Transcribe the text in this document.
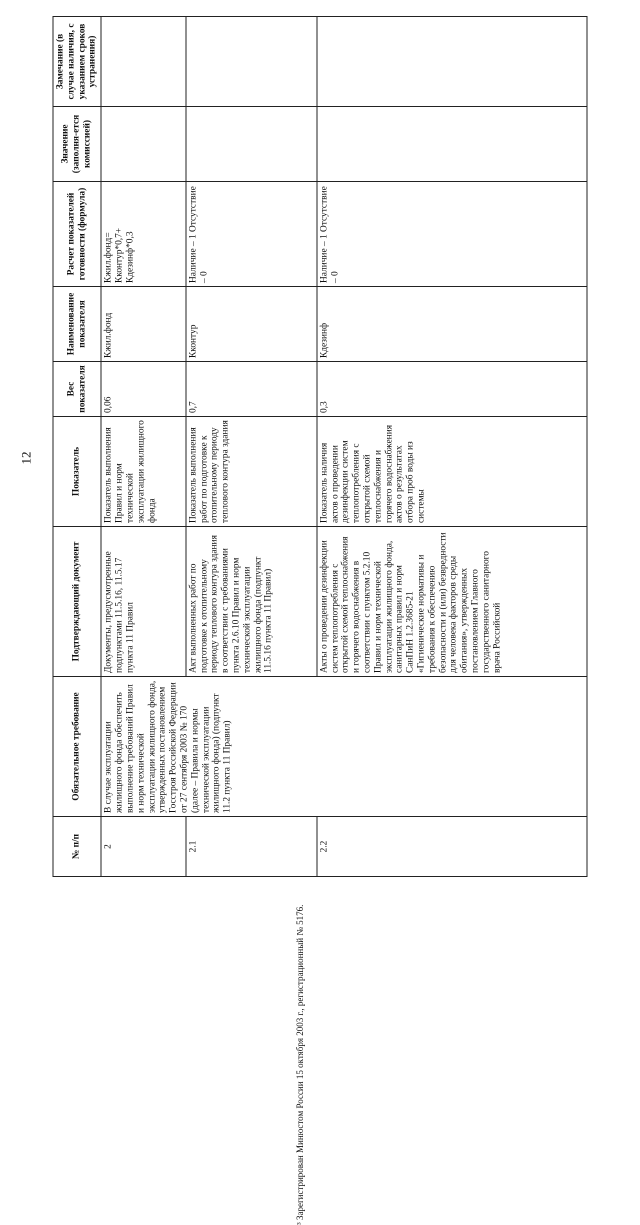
12
№ п/п	Обязательное требование	Подтверждающий документ	Показатель	Вес показателя	Наименование показателя	Расчет показателей готовности (формула)	Значение (заполня-ется комиссией)	Замечание (в случае наличия, с указанием сроков устранения)
2	В случае эксплуатации жилищного фонда обеспечить выполнение требований Правил и норм технической эксплуатации жилищного фонда, утвержденных постановлением Госстроя Российской Федерации от 27 сентября 2003 № 170 (далее – Правила и нормы технической эксплуатации жилищного фонда) (подпункт 11.2 пункта 11 Правил)	Документы, предусмотренные подпунктами 11.5.16, 11.5.17 пункта 11 Правил	Показатель выполнения Правил и норм технической эксплуатации жилищного фонда	0,06	Кжил.фонд	Кжил.фонд= Кконтур*0,7+ Кдезинф*0,3		
2.1		Акт выполненных работ по подготовке к отопительному периоду теплового контура здания в соответствии с требованиями пункта 2.6.10 Правил и норм технической эксплуатации жилищного фонда (подпункт 11.5.16 пункта 11 Правил)	Показатель выполнения работ по подготовке к отопительному периоду теплового контура здания	0,7	Кконтур	Наличие – 1 Отсутствие – 0		
2.2		Акты о проведении дезинфекции систем теплопотребления с открытой схемой теплоснабжения и горячего водоснабжения в соответствии с пунктом 5.2.10 Правил и норм технической эксплуатации жилищного фонда, санитарных правил и норм СанПиН 1.2.3685-21 «Гигиенические нормативы и требования к обеспечению безопасности и (или) безвредности для человека факторов среды обитания», утвержденных постановлением Главного государственного санитарного врача Российской	Показатель наличия актов о проведении дезинфекции систем теплопотребления с открытой схемой теплоснабжения и горячего водоснабжения актов о результатах отбора проб воды из системы	0,3	Кдезинф	Наличие – 1 Отсутствие – 0		
³ Зарегистрирован Минюстом России 15 октября 2003 г., регистрационный № 5176.
